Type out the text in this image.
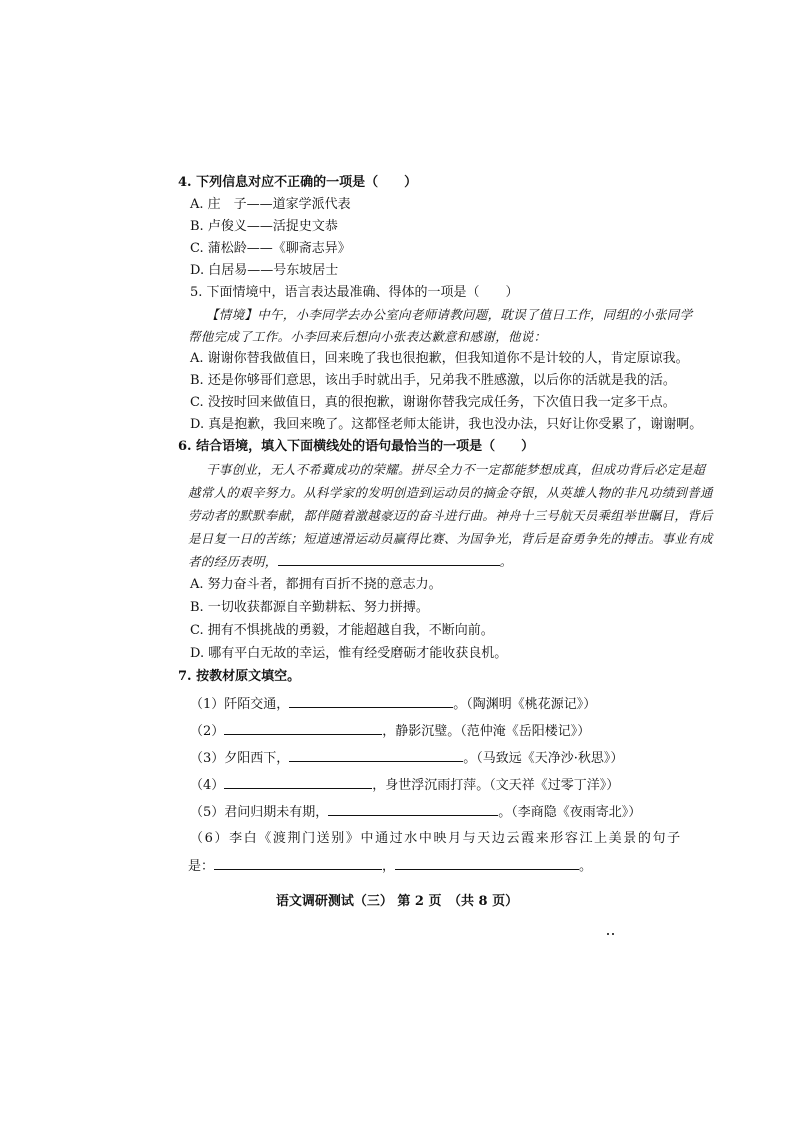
4. 下列信息对应不正确的一项是（　　）
A. 庄　子——道家学派代表
B. 卢俊义——活捉史文恭
C. 蒲松龄——《聊斋志异》
D. 白居易——号东坡居士
5. 下面情境中，语言表达最准确、得体的一项是（　　）
【情境】中午，小李同学去办公室向老师请教问题，耽误了值日工作，同组的小张同学
帮他完成了工作。小李回来后想向小张表达歉意和感谢，他说：
A. 谢谢你替我做值日，回来晚了我也很抱歉，但我知道你不是计较的人，肯定原谅我。
B. 还是你够哥们意思，该出手时就出手，兄弟我不胜感激，以后你的活就是我的活。
C. 没按时回来做值日，真的很抱歉，谢谢你替我完成任务，下次值日我一定多干点。
D. 真是抱歉，我回来晚了。这都怪老师太能讲，我也没办法，只好让你受累了，谢谢啊。
6. 结合语境，填入下面横线处的语句最恰当的一项是（　　）
干事创业，无人不希冀成功的荣耀。拼尽全力不一定都能梦想成真，但成功背后必定是超
越常人的艰辛努力。从科学家的发明创造到运动员的摘金夺银，从英雄人物的非凡功绩到普通
劳动者的默默奉献，都伴随着激越豪迈的奋斗进行曲。神舟十三号航天员乘组举世瞩目，背后
是日复一日的苦练；短道速滑运动员赢得比赛、为国争光，背后是奋勇争先的搏击。事业有成
者的经历表明，	。
A. 努力奋斗者，都拥有百折不挠的意志力。
B. 一切收获都源自辛勤耕耘、努力拼搏。
C. 拥有不惧挑战的勇毅，才能超越自我，不断向前。
D. 哪有平白无故的幸运，惟有经受磨砺才能收获良机。
7. 按教材原文填空。
（1）阡陌交通，	。（陶渊明《桃花源记》）
（2）	，静影沉璧。（范仲淹《岳阳楼记》）
（3）夕阳西下，	。（马致远《天净沙·秋思》）
（4）	，身世浮沉雨打萍。（文天祥《过零丁洋》）
（5）君问归期未有期，	。（李商隐《夜雨寄北》）
（6）李白《渡荆门送别》中通过水中映月与天边云霞来形容江上美景的句子
是：	，	。
语文调研测试（三） 第 2 页　（共 8 页）
